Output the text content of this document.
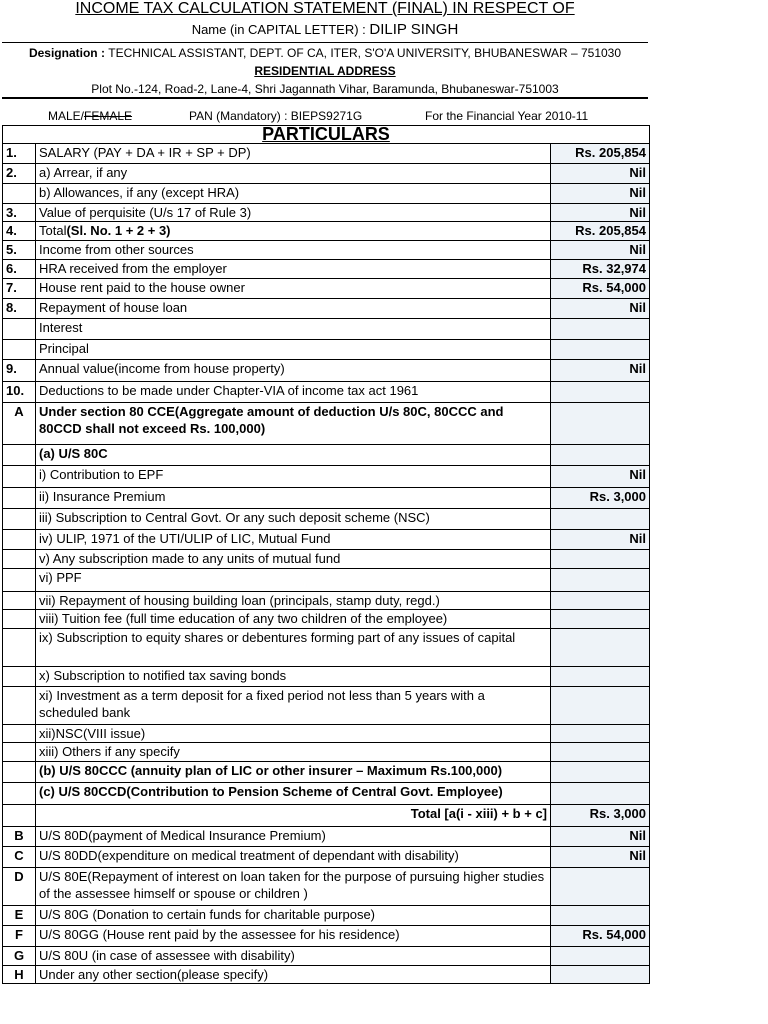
INCOME TAX CALCULATION STATEMENT (FINAL) IN RESPECT OF
Name (in CAPITAL LETTER) : DILIP SINGH
Designation : TECHNICAL ASSISTANT, DEPT. OF CA, ITER, S'O'A UNIVERSITY, BHUBANESWAR – 751030
RESIDENTIAL ADDRESS
Plot No.-124, Road-2, Lane-4, Shri Jagannath Vihar, Baramunda, Bhubaneswar-751003
MALE/FEMALE	PAN (Mandatory) : BIEPS9271G	For the Financial Year 2010-11
PARTICULARS		
1.	SALARY (PAY + DA + IR + SP + DP)	Rs. 205,854
2.	a) Arrear, if any	Nil
	b) Allowances, if any (except HRA)	Nil
3.	Value of perquisite (U/s 17 of Rule 3)	Nil
4.	Total(Sl. No. 1 + 2 + 3)	Rs. 205,854
5.	Income from other sources	Nil
6.	HRA received from the employer	Rs. 32,974
7.	House rent paid to the house owner	Rs. 54,000
8.	Repayment of house loan	Nil
	Interest	
	Principal	
9.	Annual value(income from house property)	Nil
10.	Deductions to be made under Chapter-VIA of income tax act 1961	
A	Under section 80 CCE(Aggregate amount of deduction U/s 80C, 80CCC and 80CCD shall not exceed Rs. 100,000)	
	(a) U/S 80C	
	i) Contribution to EPF	Nil
	ii) Insurance Premium	Rs. 3,000
	iii) Subscription to Central Govt. Or any such deposit scheme (NSC)	
	iv) ULIP, 1971 of the UTI/ULIP of LIC, Mutual Fund	Nil
	v) Any subscription made to any units of mutual fund	
	vi) PPF	
	vii) Repayment of housing building loan (principals, stamp duty, regd.)	
	viii) Tuition fee (full time education of any two children of the employee)	
	ix) Subscription to equity shares or debentures forming part of any issues of capital	
	x) Subscription to notified tax saving bonds	
	xi) Investment as a term deposit for a fixed period not less than 5 years with a scheduled bank	
	xii)NSC(VIII issue)	
	xiii) Others if any specify	
	(b) U/S 80CCC (annuity plan of LIC or other insurer – Maximum Rs.100,000)	
	(c) U/S 80CCD(Contribution to Pension Scheme of Central Govt. Employee)	
	Total [a(i - xiii) + b + c]	Rs. 3,000
B	U/S 80D(payment of Medical Insurance Premium)	Nil
C	U/S 80DD(expenditure on medical treatment of dependant with disability)	Nil
D	U/S 80E(Repayment of interest on loan taken for the purpose of pursuing higher studies of the assessee himself or spouse or children )	
E	U/S 80G (Donation to certain funds for charitable purpose)	
F	U/S 80GG (House rent paid by the assessee for his residence)	Rs. 54,000
G	U/S 80U (in case of assessee with disability)	
H	Under any other section(please specify)	
